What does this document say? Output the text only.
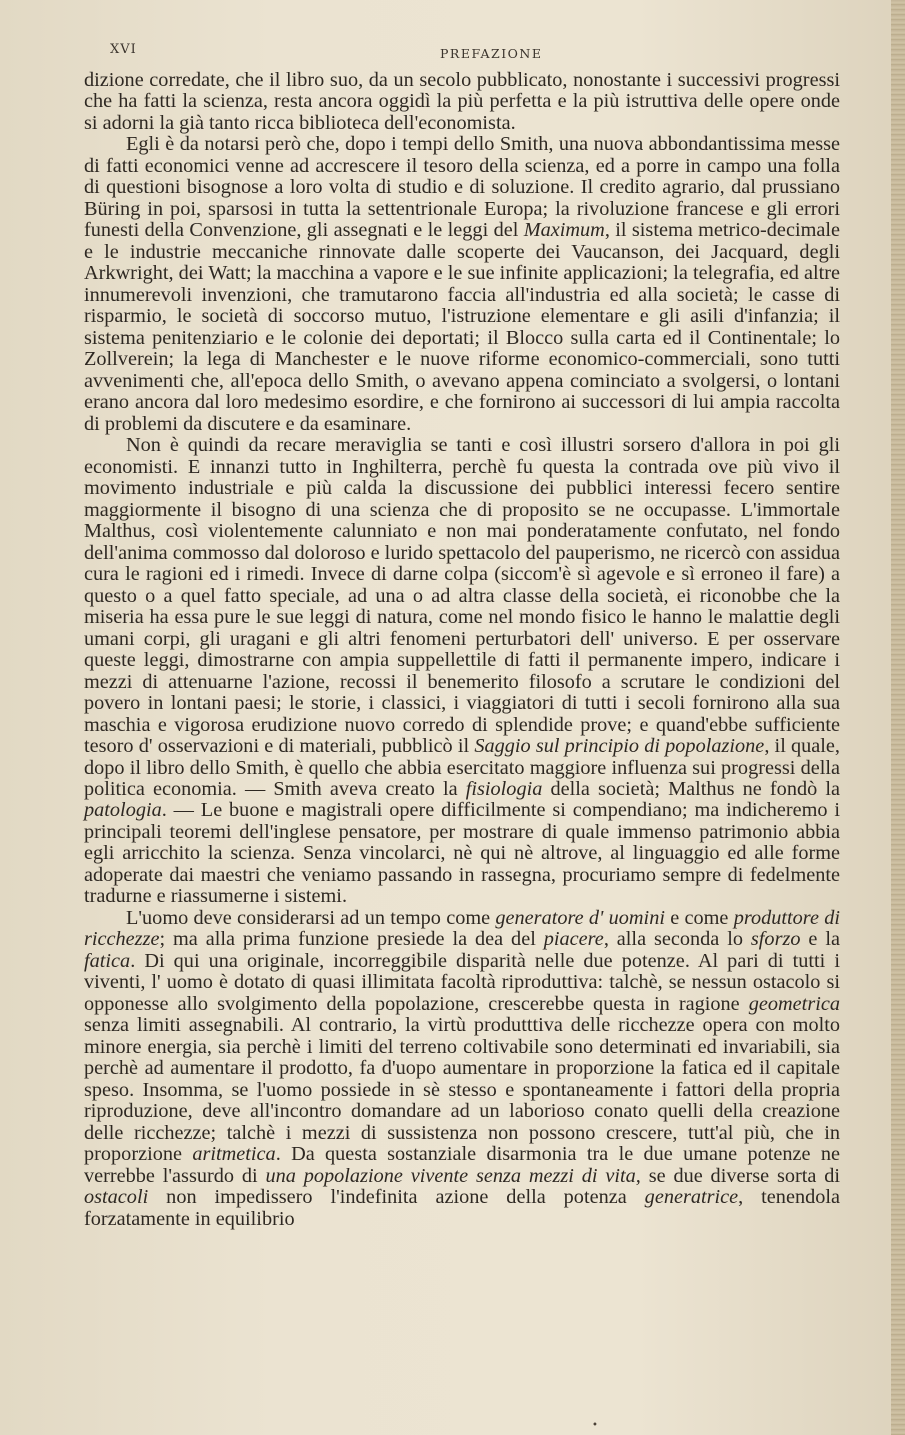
XVI	PREFAZIONE

dizione corredate, che il libro suo, da un secolo pubblicato, nonostante i successivi progressi che ha fatti la scienza, resta ancora oggidì la più perfetta e la più istruttiva delle opere onde si adorni la già tanto ricca biblioteca dell'economista.

Egli è da notarsi però che, dopo i tempi dello Smith, una nuova abbondantissima messe di fatti economici venne ad accrescere il tesoro della scienza, ed a porre in campo una folla di questioni bisognose a loro volta di studio e di soluzione. Il credito agrario, dal prussiano Büring in poi, sparsosi in tutta la settentrionale Europa; la rivoluzione francese e gli errori funesti della Convenzione, gli assegnati e le leggi del Maximum, il sistema metrico-decimale e le industrie meccaniche rinnovate dalle scoperte dei Vaucanson, dei Jacquard, degli Arkwright, dei Watt; la macchina a vapore e le sue infinite applicazioni; la telegrafia, ed altre innumerevoli invenzioni, che tramutarono faccia all'industria ed alla società; le casse di risparmio, le società di soccorso mutuo, l'istruzione elementare e gli asili d'infanzia; il sistema penitenziario e le colonie dei deportati; il Blocco sulla carta ed il Continentale; lo Zollverein; la lega di Manchester e le nuove riforme economico-commerciali, sono tutti avvenimenti che, all'epoca dello Smith, o avevano appena cominciato a svolgersi, o lontani erano ancora dal loro medesimo esordire, e che fornirono ai successori di lui ampia raccolta di problemi da discutere e da esaminare.

Non è quindi da recare meraviglia se tanti e così illustri sorsero d'allora in poi gli economisti. E innanzi tutto in Inghilterra, perchè fu questa la contrada ove più vivo il movimento industriale e più calda la discussione dei pubblici interessi fecero sentire maggiormente il bisogno di una scienza che di proposito se ne occupasse. L'immortale Malthus, così violentemente calunniato e non mai ponderatamente confutato, nel fondo dell'anima commosso dal doloroso e lurido spettacolo del pauperismo, ne ricercò con assidua cura le ragioni ed i rimedi. Invece di darne colpa (siccom'è sì agevole e sì erroneo il fare) a questo o a quel fatto speciale, ad una o ad altra classe della società, ei riconobbe che la miseria ha essa pure le sue leggi di natura, come nel mondo fisico le hanno le malattie degli umani corpi, gli uragani e gli altri fenomeni perturbatori dell' universo. E per osservare queste leggi, dimostrarne con ampia suppellettile di fatti il permanente impero, indicare i mezzi di attenuarne l'azione, recossi il benemerito filosofo a scrutare le condizioni del povero in lontani paesi; le storie, i classici, i viaggiatori di tutti i secoli fornirono alla sua maschia e vigorosa erudizione nuovo corredo di splendide prove; e quand'ebbe sufficiente tesoro d' osservazioni e di materiali, pubblicò il Saggio sul principio di popolazione, il quale, dopo il libro dello Smith, è quello che abbia esercitato maggiore influenza sui progressi della politica economia. — Smith aveva creato la fisiologia della società; Malthus ne fondò la patologia. — Le buone e magistrali opere difficilmente si compendiano; ma indicheremo i principali teoremi dell'inglese pensatore, per mostrare di quale immenso patrimonio abbia egli arricchito la scienza. Senza vincolarci, nè qui nè altrove, al linguaggio ed alle forme adoperate dai maestri che veniamo passando in rassegna, procuriamo sempre di fedelmente tradurne e riassumerne i sistemi.

L'uomo deve considerarsi ad un tempo come generatore d' uomini e come produttore di ricchezze; ma alla prima funzione presiede la dea del piacere, alla seconda lo sforzo e la fatica. Di qui una originale, incorreggibile disparità nelle due potenze. Al pari di tutti i viventi, l' uomo è dotato di quasi illimitata facoltà riproduttiva: talchè, se nessun ostacolo si opponesse allo svolgimento della popolazione, crescerebbe questa in ragione geometrica senza limiti assegnabili. Al contrario, la virtù produtttiva delle ricchezze opera con molto minore energia, sia perchè i limiti del terreno coltivabile sono determinati ed invariabili, sia perchè ad aumentare il prodotto, fa d'uopo aumentare in proporzione la fatica ed il capitale speso. Insomma, se l'uomo possiede in sè stesso e spontaneamente i fattori della propria riproduzione, deve all'incontro domandare ad un laborioso conato quelli della creazione delle ricchezze; talchè i mezzi di sussistenza non possono crescere, tutt'al più, che in proporzione aritmetica. Da questa sostanziale disarmonia tra le due umane potenze ne verrebbe l'assurdo di una popolazione vivente senza mezzi di vita, se due diverse sorta di ostacoli non impedissero l'indefinita azione della potenza generatrice, tenendola forzatamente in equilibrio

•
